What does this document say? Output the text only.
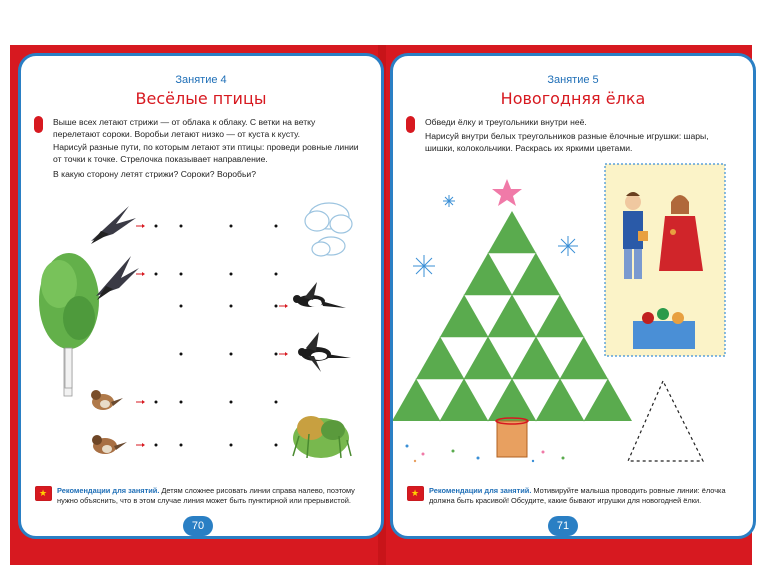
Занятие 4
Весёлые птицы
Выше всех летают стрижи — от облака к облаку. С ветки на ветку перелетают сороки. Воробьи летают низко — от куста к кусту.
Нарисуй разные пути, по которым летают эти птицы: проведи ровные линии от точки к точке. Стрелочка показывает направление.
В какую сторону летят стрижи? Сороки? Воробьи?
★ Рекомендации для занятий. Детям сложнее рисовать линии справа налево, поэтому нужно объяснить, что в этом случае линия может быть пунктирной или прерывистой.
70
Занятие 5
Новогодняя ёлка
Обведи ёлку и треугольники внутри неё.
Нарисуй внутри белых треугольников разные ёлочные игрушки: шары, шишки, колокольчики. Раскрась их яркими цветами.
★ Рекомендации для занятий. Мотивируйте малыша проводить ровные линии: ёлочка должна быть красивой! Обсудите, какие бывают игрушки для новогодней ёлки.
71
